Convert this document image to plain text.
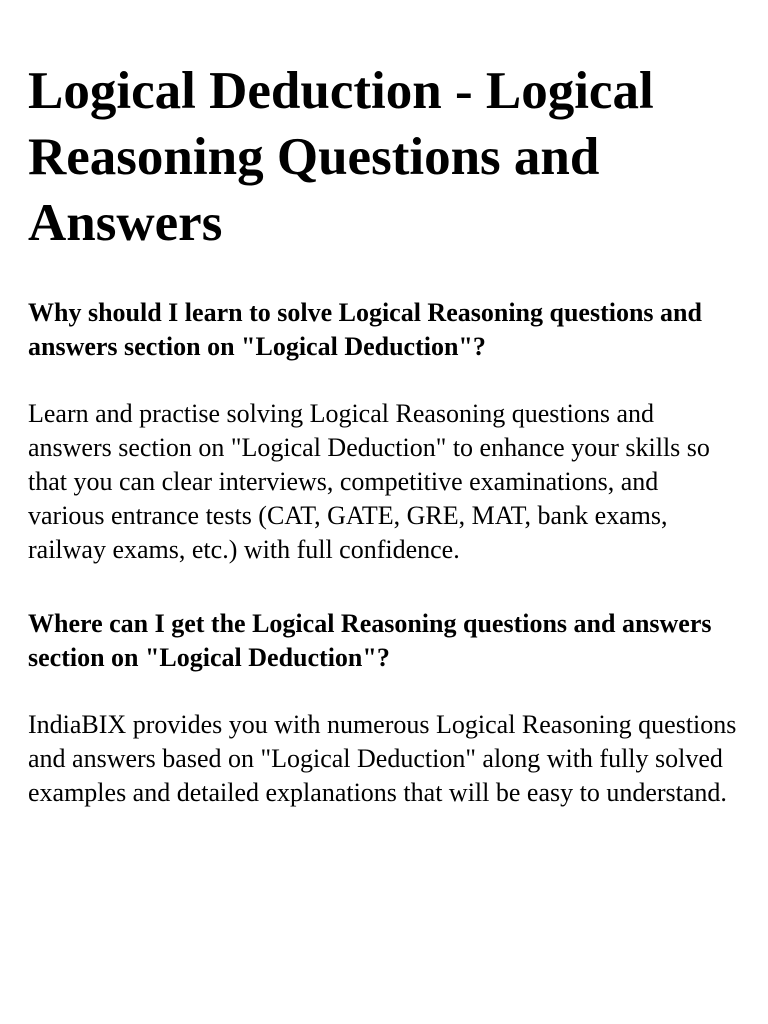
Logical Deduction - Logical Reasoning Questions and Answers
Why should I learn to solve Logical Reasoning questions and answers section on "Logical Deduction"?

Learn and practise solving Logical Reasoning questions and answers section on "Logical Deduction" to enhance your skills so that you can clear interviews, competitive examinations, and various entrance tests (CAT, GATE, GRE, MAT, bank exams, railway exams, etc.) with full confidence.

Where can I get the Logical Reasoning questions and answers section on "Logical Deduction"?

IndiaBIX provides you with numerous Logical Reasoning questions and answers based on "Logical Deduction" along with fully solved examples and detailed explanations that will be easy to understand.
